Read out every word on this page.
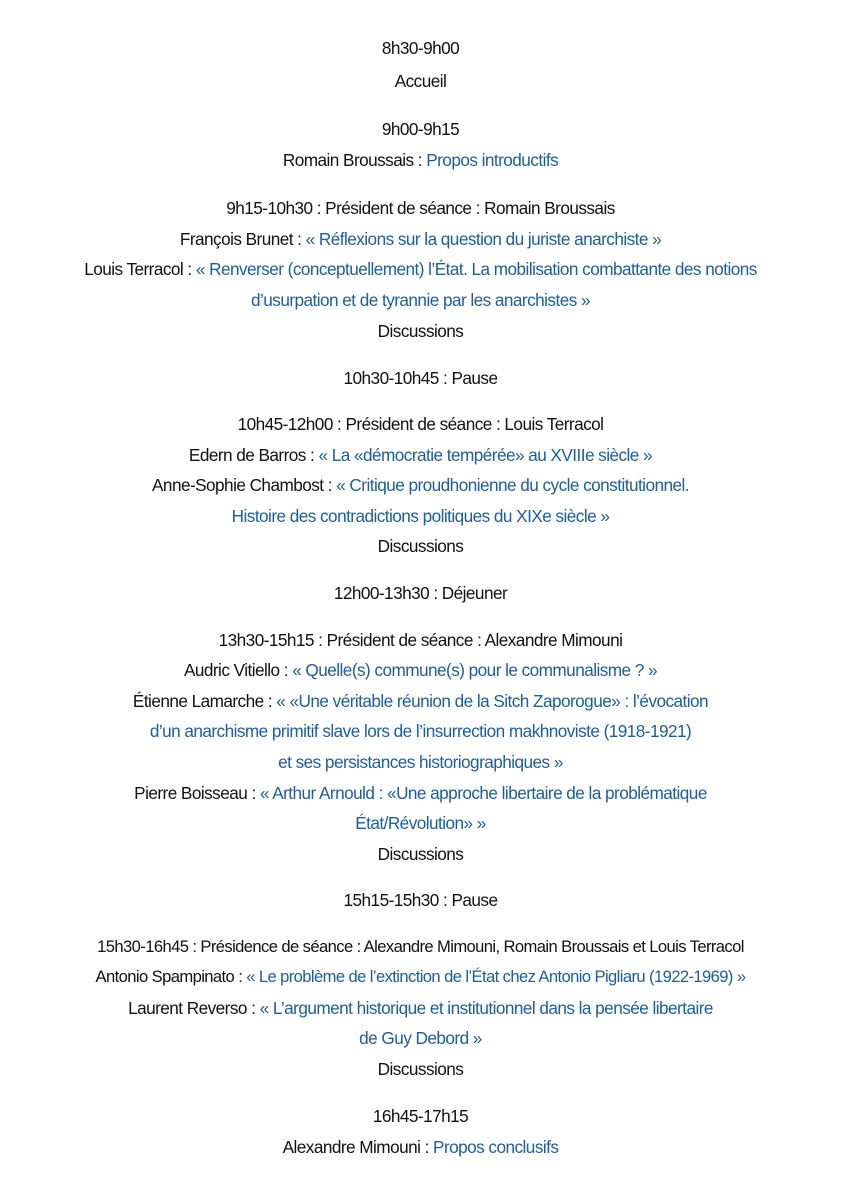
8h30-9h00
Accueil
9h00-9h15
Romain Broussais : Propos introductifs
9h15-10h30 : Président de séance : Romain Broussais
François Brunet : « Réflexions sur la question du juriste anarchiste »
Louis Terracol : « Renverser (conceptuellement) l’État. La mobilisation combattante des notions
d’usurpation et de tyrannie par les anarchistes »
Discussions
10h30-10h45 : Pause
10h45-12h00 : Président de séance : Louis Terracol
Edern de Barros : « La «démocratie tempérée» au XVIIIe siècle »
Anne-Sophie Chambost : « Critique proudhonienne du cycle constitutionnel.
Histoire des contradictions politiques du XIXe siècle »
Discussions
12h00-13h30 : Déjeuner
13h30-15h15 : Président de séance : Alexandre Mimouni
Audric Vitiello : « Quelle(s) commune(s) pour le communalisme ? »
Étienne Lamarche : « «Une véritable réunion de la Sitch Zaporogue» : l’évocation
d’un anarchisme primitif slave lors de l’insurrection makhnoviste (1918-1921)
et ses persistances historiographiques »
Pierre Boisseau : « Arthur Arnould : «Une approche libertaire de la problématique
État/Révolution» »
Discussions
15h15-15h30 : Pause
15h30-16h45 : Présidence de séance : Alexandre Mimouni, Romain Broussais et Louis Terracol
Antonio Spampinato : « Le problème de l’extinction de l’État chez Antonio Pigliaru (1922-1969) »
Laurent Reverso : « L’argument historique et institutionnel dans la pensée libertaire
de Guy Debord »
Discussions
16h45-17h15
Alexandre Mimouni : Propos conclusifs
